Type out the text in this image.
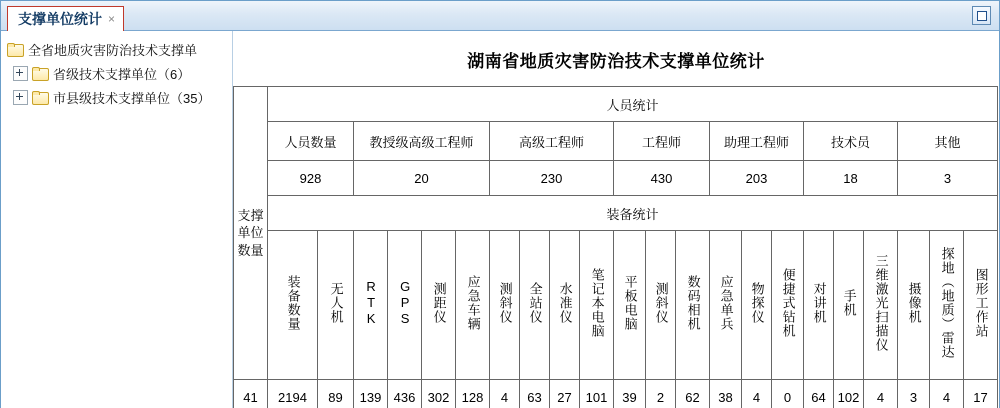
支撑单位统计 ×
全省地质灾害防治技术支撑单
省级技术支撑单位（6）
市县级技术支撑单位（35）
湖南省地质灾害防治技术支撑单位统计
支撑单位数量	人员统计																					
	人员数量		教授级高级工程师				高级工程师				工程师			助理工程师			技术员			其他		
	928		20				230				430			203			18			3		
	装备统计																					
	装备数量	无人机	RTK	GPS	测距仪	应急车辆	测斜仪	全站仪	水准仪	笔记本电脑	平板电脑	测斜仪	数码相机	应急单兵	物探仪	便捷式钻机	对讲机	手机	三维激光扫描仪	摄像机	探地（地质）雷达	图形工作站
41	2194	89	139	436	302	128	4	63	27	101	39	2	62	38	4	0	64	102	4	3	4	17
